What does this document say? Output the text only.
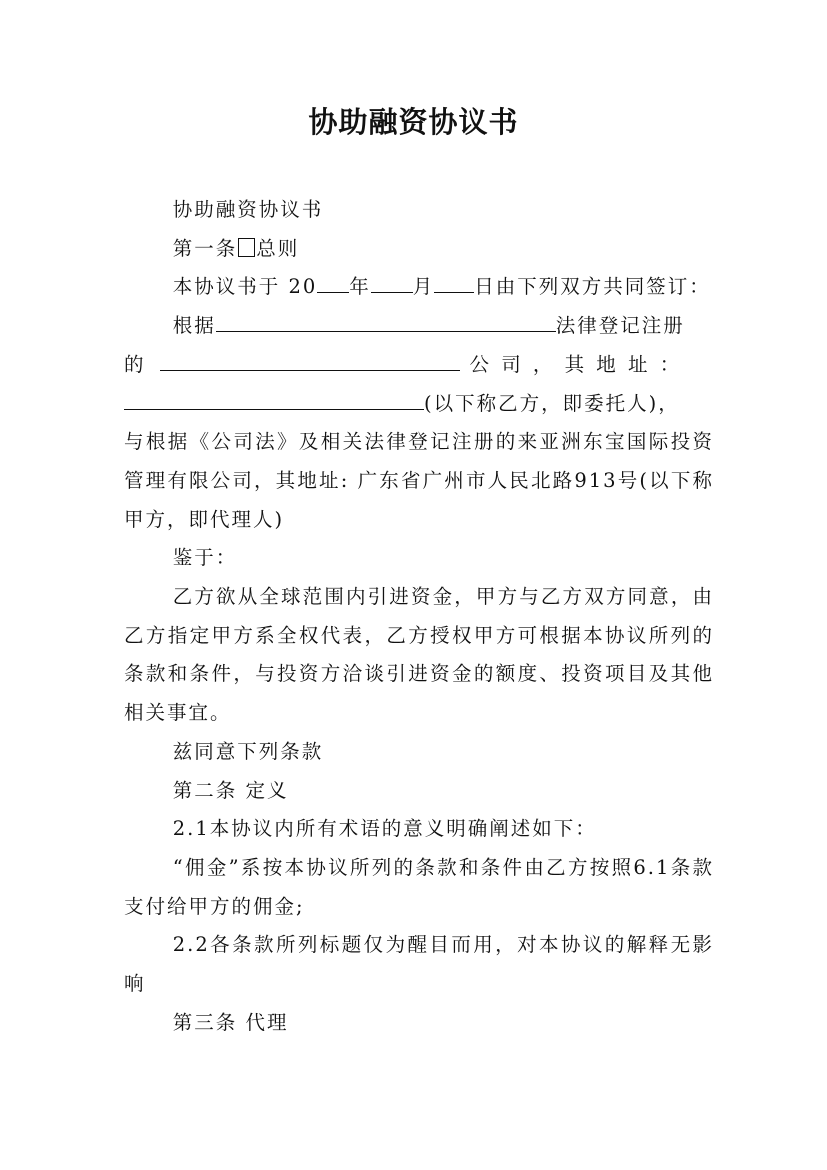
协助融资协议书

协助融资协议书

第一条 总则

本协议书于 20 年 月 日由下列双方共同签订：

根据	法律登记注册

的	公 司 ， 其 地 址 ：

(以下称乙方，即委托人)，

与根据《公司法》及相关法律登记注册的来亚洲东宝国际投资管理有限公司，其地址: 广东省广州市人民北路913号(以下称甲方，即代理人)

鉴于：

乙方欲从全球范围内引进资金，甲方与乙方双方同意，由乙方指定甲方系全权代表，乙方授权甲方可根据本协议所列的条款和条件，与投资方洽谈引进资金的额度、投资项目及其他相关事宜。

兹同意下列条款

第二条 定义

2.1本协议内所有术语的意义明确阐述如下：

“佣金”系按本协议所列的条款和条件由乙方按照6.1条款支付给甲方的佣金;

2.2各条款所列标题仅为醒目而用，对本协议的解释无影响

第三条 代理
